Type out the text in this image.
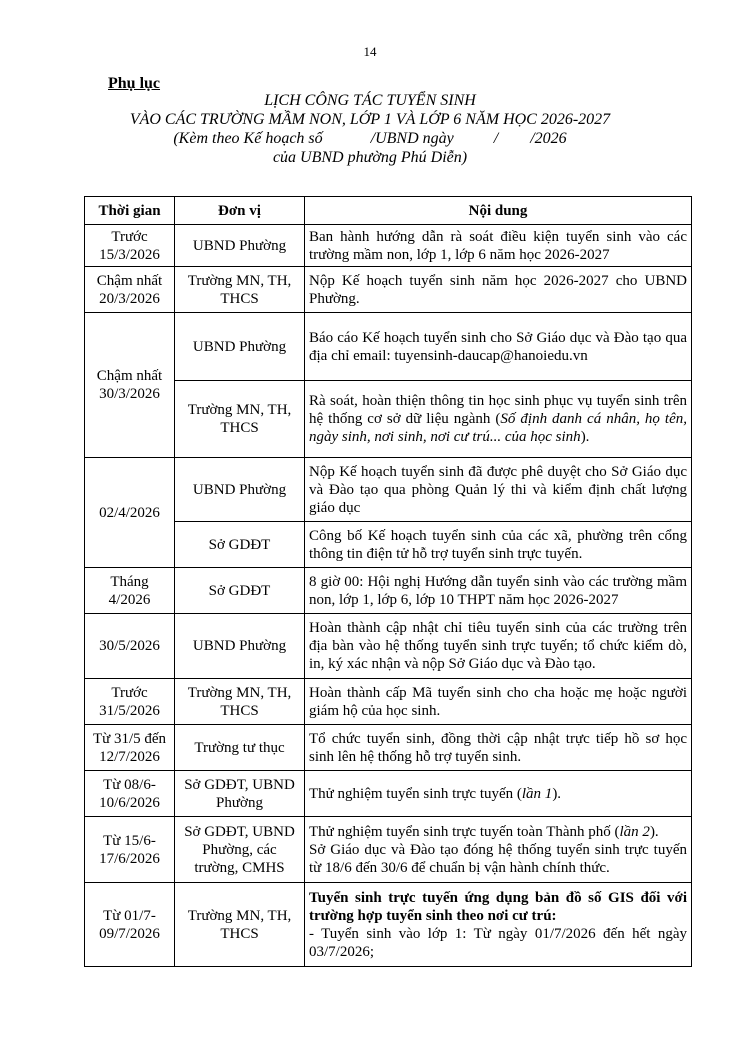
14
Phụ lục
LỊCH CÔNG TÁC TUYỂN SINH
VÀO CÁC TRƯỜNG MẦM NON, LỚP 1 VÀ LỚP 6 NĂM HỌC 2026-2027
(Kèm theo Kế hoạch số            /UBND ngày          /        /2026
của UBND phường Phú Diễn)
Thời gian	Đơn vị	Nội dung
Trước 15/3/2026	UBND Phường	Ban hành hướng dẫn rà soát điều kiện tuyển sinh vào các trường mầm non, lớp 1, lớp 6 năm học 2026-2027
Chậm nhất 20/3/2026	Trường MN, TH, THCS	Nộp Kế hoạch tuyển sinh năm học 2026-2027 cho UBND Phường.
Chậm nhất 30/3/2026	UBND Phường	Báo cáo Kế hoạch tuyển sinh cho Sở Giáo dục và Đào tạo qua địa chỉ email: tuyensinh-daucap@hanoiedu.vn
	Trường MN, TH, THCS	Rà soát, hoàn thiện thông tin học sinh phục vụ tuyển sinh trên hệ thống cơ sở dữ liệu ngành (Số định danh cá nhân, họ tên, ngày sinh, nơi sinh, nơi cư trú... của học sinh).
02/4/2026	UBND Phường	Nộp Kế hoạch tuyển sinh đã được phê duyệt cho Sở Giáo dục và Đào tạo qua phòng Quản lý thi và kiểm định chất lượng giáo dục
	Sở GDĐT	Công bố Kế hoạch tuyển sinh của các xã, phường trên cổng thông tin điện tử hỗ trợ tuyển sinh trực tuyến.
Tháng 4/2026	Sở GDĐT	8 giờ 00: Hội nghị Hướng dẫn tuyển sinh vào các trường mầm non, lớp 1, lớp 6, lớp 10 THPT năm học 2026-2027
30/5/2026	UBND Phường	Hoàn thành cập nhật chỉ tiêu tuyển sinh của các trường trên địa bàn vào hệ thống tuyển sinh trực tuyến; tổ chức kiểm dò, in, ký xác nhận và nộp Sở Giáo dục và Đào tạo.
Trước 31/5/2026	Trường MN, TH, THCS	Hoàn thành cấp Mã tuyển sinh cho cha hoặc mẹ hoặc người giám hộ của học sinh.
Từ 31/5 đến 12/7/2026	Trường tư thục	Tổ chức tuyển sinh, đồng thời cập nhật trực tiếp hồ sơ học sinh lên hệ thống hỗ trợ tuyển sinh.
Từ 08/6-10/6/2026	Sở GDĐT, UBND Phường	Thử nghiệm tuyển sinh trực tuyến (lần 1).
Từ 15/6-17/6/2026	Sở GDĐT, UBND Phường, các trường, CMHS	Thử nghiệm tuyển sinh trực tuyến toàn Thành phố (lần 2).

Sở Giáo dục và Đào tạo đóng hệ thống tuyển sinh trực tuyến từ 18/6 đến 30/6 để chuẩn bị vận hành chính thức.

Từ 01/7-09/7/2026	Trường MN, TH, THCS	Tuyển sinh trực tuyến ứng dụng bản đồ số GIS đối với trường hợp tuyển sinh theo nơi cư trú:

- Tuyển sinh vào lớp 1: Từ ngày 01/7/2026 đến hết ngày 03/7/2026;
